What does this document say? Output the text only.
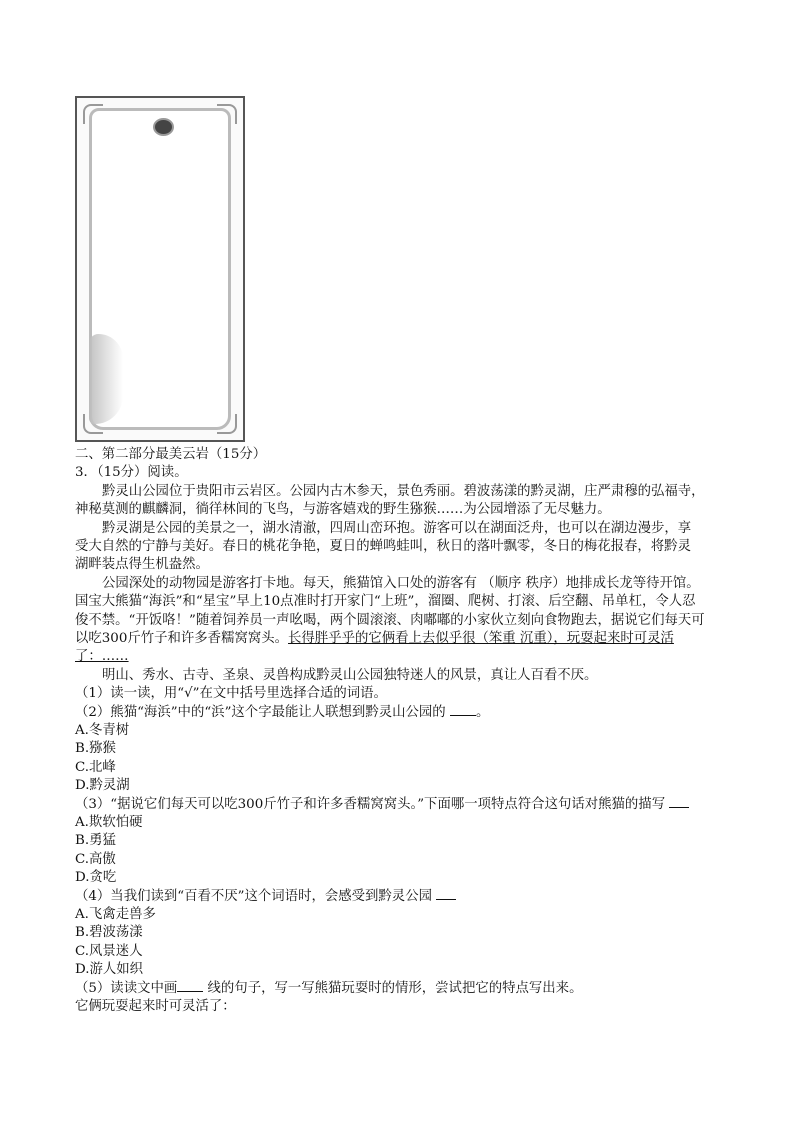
二、第二部分最美云岩（15分）
3．（15分）阅读。
黔灵山公园位于贵阳市云岩区。公园内古木参天，景色秀丽。碧波荡漾的黔灵湖，庄严肃穆的弘福寺，
神秘莫测的麒麟洞，徜徉林间的飞鸟，与游客嬉戏的野生猕猴……为公园增添了无尽魅力。
黔灵湖是公园的美景之一，湖水清澈，四周山峦环抱。游客可以在湖面泛舟，也可以在湖边漫步，享
受大自然的宁静与美好。春日的桃花争艳，夏日的蝉鸣蛙叫，秋日的落叶飘零，冬日的梅花报春，将黔灵
湖畔装点得生机盎然。
公园深处的动物园是游客打卡地。每天，熊猫馆入口处的游客有 （顺序 秩序）地排成长龙等待开馆。
国宝大熊猫“海浜”和“星宝”早上10点准时打开家门“上班”，溜圈、爬树、打滚、后空翻、吊单杠，令人忍
俊不禁。“开饭咯！”随着饲养员一声吆喝，两个圆滚滚、肉嘟嘟的小家伙立刻向食物跑去，据说它们每天可
以吃300斤竹子和许多香糯窝窝头。长得胖乎乎的它俩看上去似乎很（笨重 沉重），玩耍起来时可灵活
了：……
明山、秀水、古寺、圣泉、灵兽构成黔灵山公园独特迷人的风景，真让人百看不厌。
（1）读一读，用“√”在文中括号里选择合适的词语。
（2）熊猫“海浜”中的“浜”这个字最能让人联想到黔灵山公园的 。
A.冬青树
B.猕猴
C.北峰
D.黔灵湖
（3）“据说它们每天可以吃300斤竹子和许多香糯窝窝头。”下面哪一项特点符合这句话对熊猫的描写
A.欺软怕硬
B.勇猛
C.高傲
D.贪吃
（4）当我们读到“百看不厌”这个词语时，会感受到黔灵公园
A.飞禽走兽多
B.碧波荡漾
C.风景迷人
D.游人如织
（5）读读文中画 线的句子，写一写熊猫玩耍时的情形，尝试把它的特点写出来。
它俩玩耍起来时可灵活了：
